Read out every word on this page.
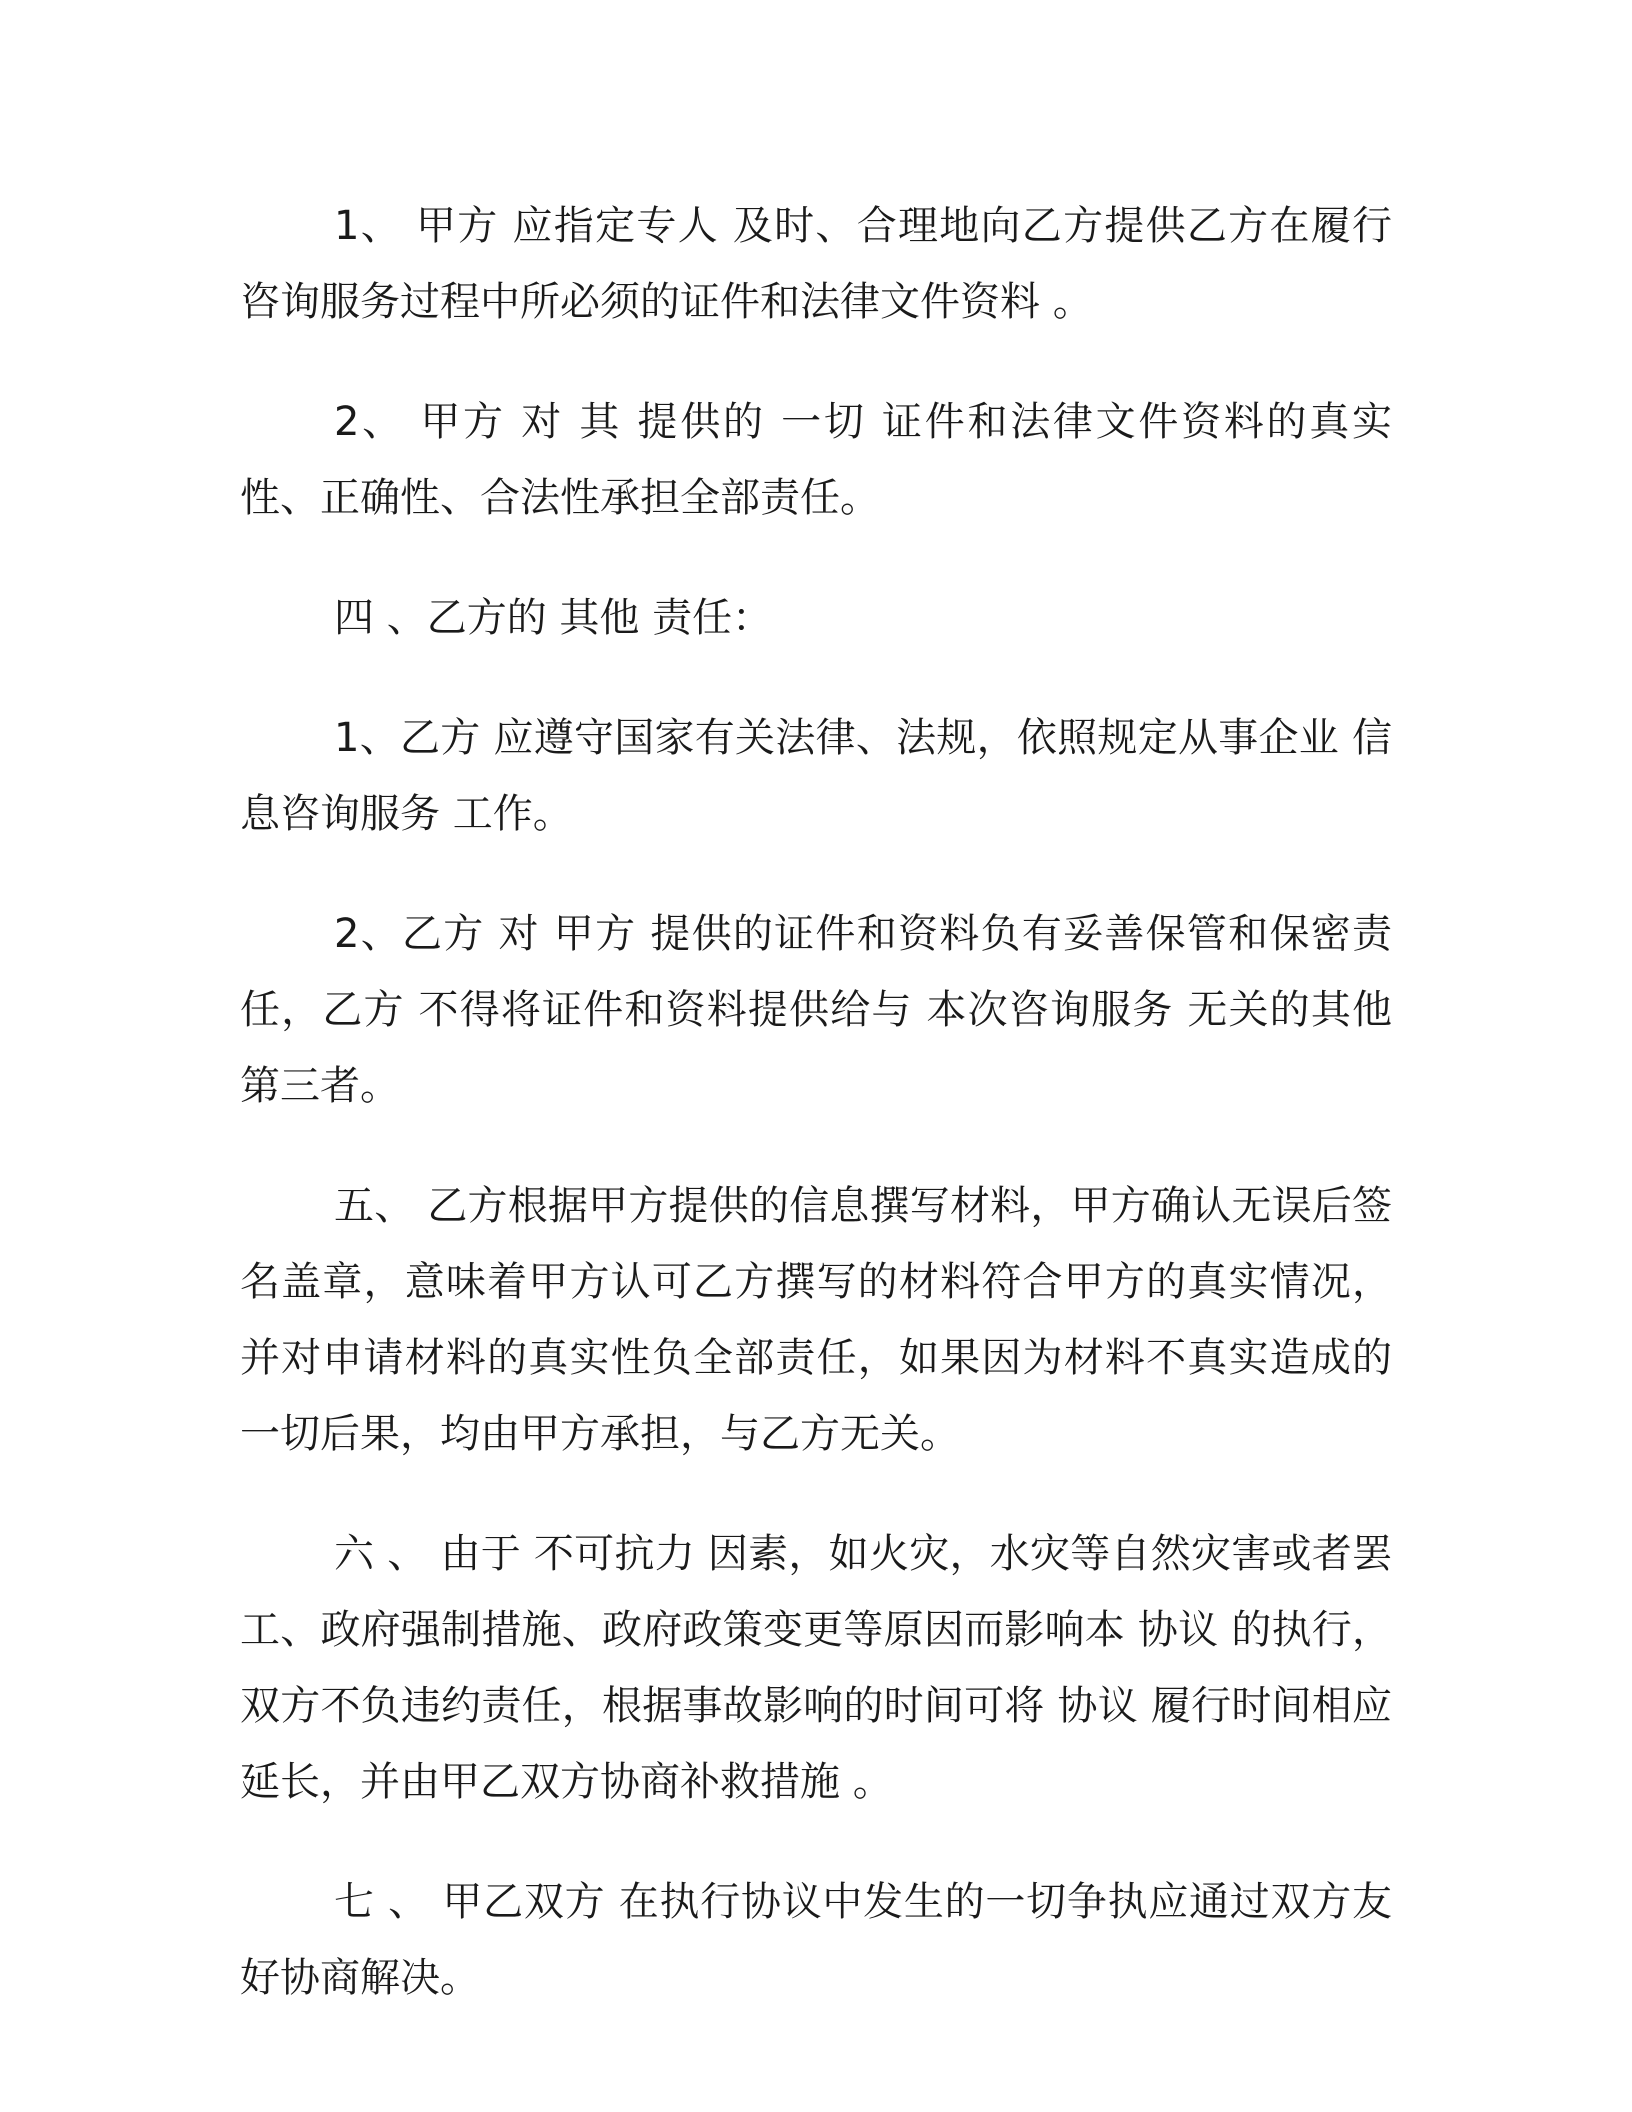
1、 甲方 应指定专人 及时、合理地向乙方提供乙方在履行咨询服务过程中所必须的证件和法律文件资料 。

2、 甲方 对 其 提供的 一切 证件和法律文件资料的真实性、正确性、合法性承担全部责任。

四 、乙方的 其他 责任：

1、乙方 应遵守国家有关法律、法规，依照规定从事企业 信息咨询服务 工作。

2、乙方 对 甲方 提供的证件和资料负有妥善保管和保密责任，乙方 不得将证件和资料提供给与 本次咨询服务 无关的其他第三者。

五、 乙方根据甲方提供的信息撰写材料，甲方确认无误后签名盖章，意味着甲方认可乙方撰写的材料符合甲方的真实情况，并对申请材料的真实性负全部责任，如果因为材料不真实造成的一切后果，均由甲方承担，与乙方无关。

六 、 由于 不可抗力 因素，如火灾，水灾等自然灾害或者罢工、政府强制措施、政府政策变更等原因而影响本 协议 的执行，双方不负违约责任，根据事故影响的时间可将 协议 履行时间相应延长，并由甲乙双方协商补救措施 。

七 、 甲乙双方 在执行协议中发生的一切争执应通过双方友好协商解决。
